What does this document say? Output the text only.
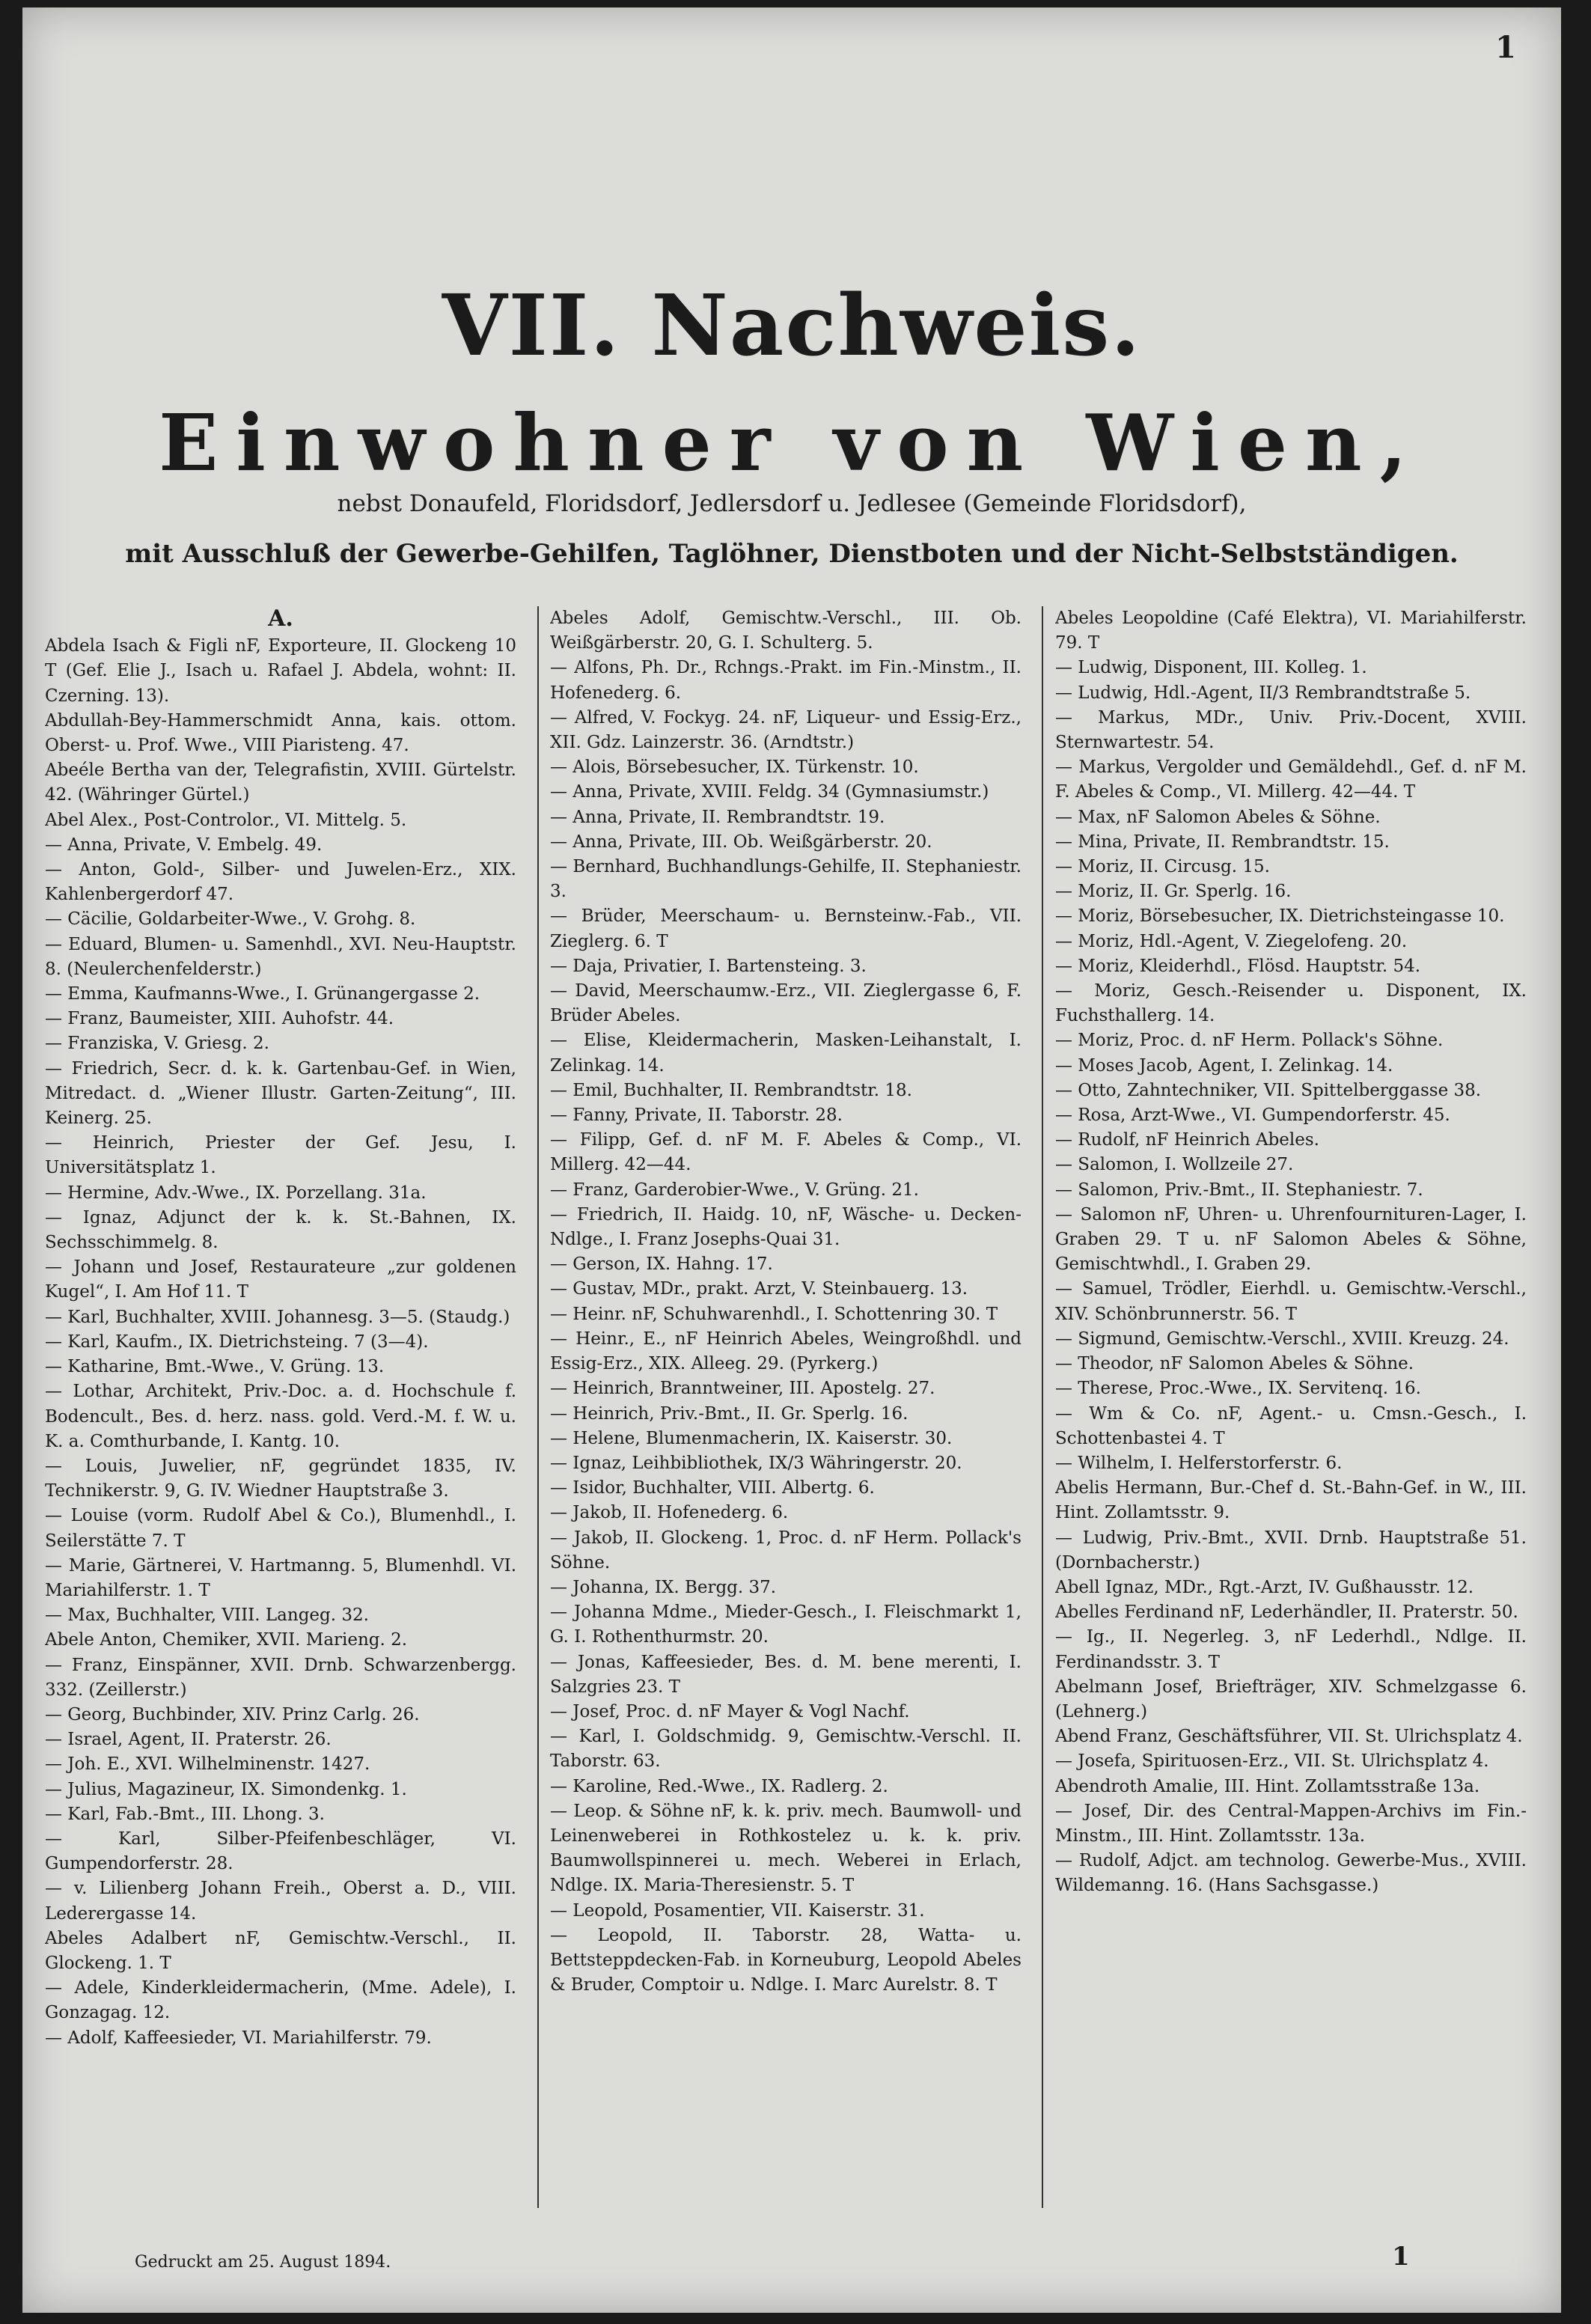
1
VII. Nachweis.
Einwohner von Wien,
nebst Donaufeld, Floridsdorf, Jedlersdorf u. Jedlesee (Gemeinde Floridsdorf),
mit Ausschluß der Gewerbe-Gehilfen, Taglöhner, Dienstboten und der Nicht-Selbstständigen.

A.

Abdela Isach & Figli nF, Exporteure, II. Glockeng 10 T (Gef. Elie J., Isach u. Rafael J. Abdela, wohnt: II. Czerning. 13).

Abdullah-Bey-Hammerschmidt Anna, kais. ottom. Oberst- u. Prof. Wwe., VIII Piaristeng. 47.

Abeéle Bertha van der, Telegrafistin, XVIII. Gürtelstr. 42. (Währinger Gürtel.)

Abel Alex., Post-Controlor., VI. Mittelg. 5.

— Anna, Private, V. Embelg. 49.

— Anton, Gold-, Silber- und Juwelen-Erz., XIX. Kahlenbergerdorf 47.

— Cäcilie, Goldarbeiter-Wwe., V. Grohg. 8.

— Eduard, Blumen- u. Samenhdl., XVI. Neu-Hauptstr. 8. (Neulerchenfelderstr.)

— Emma, Kaufmanns-Wwe., I. Grünangergasse 2.

— Franz, Baumeister, XIII. Auhofstr. 44.

— Franziska, V. Griesg. 2.

— Friedrich, Secr. d. k. k. Gartenbau-Gef. in Wien, Mitredact. d. „Wiener Illustr. Garten-Zeitung“, III. Keinerg. 25.

— Heinrich, Priester der Gef. Jesu, I. Universitätsplatz 1.

— Hermine, Adv.-Wwe., IX. Porzellang. 31a.

— Ignaz, Adjunct der k. k. St.-Bahnen, IX. Sechsschimmelg. 8.

— Johann und Josef, Restaurateure „zur goldenen Kugel“, I. Am Hof 11. T

— Karl, Buchhalter, XVIII. Johannesg. 3—5. (Staudg.)

— Karl, Kaufm., IX. Dietrichsteing. 7 (3—4).

— Katharine, Bmt.-Wwe., V. Grüng. 13.

— Lothar, Architekt, Priv.-Doc. a. d. Hochschule f. Bodencult., Bes. d. herz. nass. gold. Verd.-M. f. W. u. K. a. Comthurbande, I. Kantg. 10.

— Louis, Juwelier, nF, gegründet 1835, IV. Technikerstr. 9, G. IV. Wiedner Hauptstraße 3.

— Louise (vorm. Rudolf Abel & Co.), Blumenhdl., I. Seilerstätte 7. T

— Marie, Gärtnerei, V. Hartmanng. 5, Blumenhdl. VI. Mariahilferstr. 1. T

— Max, Buchhalter, VIII. Langeg. 32.

Abele Anton, Chemiker, XVII. Marieng. 2.

— Franz, Einspänner, XVII. Drnb. Schwarzenbergg. 332. (Zeillerstr.)

— Georg, Buchbinder, XIV. Prinz Carlg. 26.

— Israel, Agent, II. Praterstr. 26.

— Joh. E., XVI. Wilhelminenstr. 1427.

— Julius, Magazineur, IX. Simondenkg. 1.

— Karl, Fab.-Bmt., III. Lhong. 3.

— Karl, Silber-Pfeifenbeschläger, VI. Gumpendorferstr. 28.

— v. Lilienberg Johann Freih., Oberst a. D., VIII. Lederergasse 14.

Abeles Adalbert nF, Gemischtw.-Verschl., II. Glockeng. 1. T

— Adele, Kinderkleidermacherin, (Mme. Adele), I. Gonzagag. 12.

— Adolf, Kaffeesieder, VI. Mariahilferstr. 79.

Abeles Adolf, Gemischtw.-Verschl., III. Ob. Weißgärberstr. 20, G. I. Schulterg. 5.

— Alfons, Ph. Dr., Rchngs.-Prakt. im Fin.-Minstm., II. Hofenederg. 6.

— Alfred, V. Fockyg. 24. nF, Liqueur- und Essig-Erz., XII. Gdz. Lainzerstr. 36. (Arndtstr.)

— Alois, Börsebesucher, IX. Türkenstr. 10.

— Anna, Private, XVIII. Feldg. 34 (Gymnasiumstr.)

— Anna, Private, II. Rembrandtstr. 19.

— Anna, Private, III. Ob. Weißgärberstr. 20.

— Bernhard, Buchhandlungs-Gehilfe, II. Stephaniestr. 3.

— Brüder, Meerschaum- u. Bernsteinw.-Fab., VII. Zieglerg. 6. T

— Daja, Privatier, I. Bartensteing. 3.

— David, Meerschaumw.-Erz., VII. Zieglergasse 6, F. Brüder Abeles.

— Elise, Kleidermacherin, Masken-Leihanstalt, I. Zelinkag. 14.

— Emil, Buchhalter, II. Rembrandtstr. 18.

— Fanny, Private, II. Taborstr. 28.

— Filipp, Gef. d. nF M. F. Abeles & Comp., VI. Millerg. 42—44.

— Franz, Garderobier-Wwe., V. Grüng. 21.

— Friedrich, II. Haidg. 10, nF, Wäsche- u. Decken-Ndlge., I. Franz Josephs-Quai 31.

— Gerson, IX. Hahng. 17.

— Gustav, MDr., prakt. Arzt, V. Steinbauerg. 13.

— Heinr. nF, Schuhwarenhdl., I. Schottenring 30. T

— Heinr., E., nF Heinrich Abeles, Weingroßhdl. und Essig-Erz., XIX. Alleeg. 29. (Pyrkerg.)

— Heinrich, Branntweiner, III. Apostelg. 27.

— Heinrich, Priv.-Bmt., II. Gr. Sperlg. 16.

— Helene, Blumenmacherin, IX. Kaiserstr. 30.

— Ignaz, Leihbibliothek, IX/3 Währingerstr. 20.

— Isidor, Buchhalter, VIII. Albertg. 6.

— Jakob, II. Hofenederg. 6.

— Jakob, II. Glockeng. 1, Proc. d. nF Herm. Pollack's Söhne.

— Johanna, IX. Bergg. 37.

— Johanna Mdme., Mieder-Gesch., I. Fleischmarkt 1, G. I. Rothenthurmstr. 20.

— Jonas, Kaffeesieder, Bes. d. M. bene merenti, I. Salzgries 23. T

— Josef, Proc. d. nF Mayer & Vogl Nachf.

— Karl, I. Goldschmidg. 9, Gemischtw.-Verschl. II. Taborstr. 63.

— Karoline, Red.-Wwe., IX. Radlerg. 2.

— Leop. & Söhne nF, k. k. priv. mech. Baumwoll- und Leinenweberei in Rothkostelez u. k. k. priv. Baumwollspinnerei u. mech. Weberei in Erlach, Ndlge. IX. Maria-Theresienstr. 5. T

— Leopold, Posamentier, VII. Kaiserstr. 31.

— Leopold, II. Taborstr. 28, Watta- u. Bettsteppdecken-Fab. in Korneuburg, Leopold Abeles & Bruder, Comptoir u. Ndlge. I. Marc Aurelstr. 8. T

Abeles Leopoldine (Café Elektra), VI. Mariahilferstr. 79. T

— Ludwig, Disponent, III. Kolleg. 1.

— Ludwig, Hdl.-Agent, II/3 Rembrandtstraße 5.

— Markus, MDr., Univ. Priv.-Docent, XVIII. Sternwartestr. 54.

— Markus, Vergolder und Gemäldehdl., Gef. d. nF M. F. Abeles & Comp., VI. Millerg. 42—44. T

— Max, nF Salomon Abeles & Söhne.

— Mina, Private, II. Rembrandtstr. 15.

— Moriz, II. Circusg. 15.

— Moriz, II. Gr. Sperlg. 16.

— Moriz, Börsebesucher, IX. Dietrichsteingasse 10.

— Moriz, Hdl.-Agent, V. Ziegelofeng. 20.

— Moriz, Kleiderhdl., Flösd. Hauptstr. 54.

— Moriz, Gesch.-Reisender u. Disponent, IX. Fuchsthallerg. 14.

— Moriz, Proc. d. nF Herm. Pollack's Söhne.

— Moses Jacob, Agent, I. Zelinkag. 14.

— Otto, Zahntechniker, VII. Spittelberggasse 38.

— Rosa, Arzt-Wwe., VI. Gumpendorferstr. 45.

— Rudolf, nF Heinrich Abeles.

— Salomon, I. Wollzeile 27.

— Salomon, Priv.-Bmt., II. Stephaniestr. 7.

— Salomon nF, Uhren- u. Uhrenfournituren-Lager, I. Graben 29. T u. nF Salomon Abeles & Söhne, Gemischtwhdl., I. Graben 29.

— Samuel, Trödler, Eierhdl. u. Gemischtw.-Verschl., XIV. Schönbrunnerstr. 56. T

— Sigmund, Gemischtw.-Verschl., XVIII. Kreuzg. 24.

— Theodor, nF Salomon Abeles & Söhne.

— Therese, Proc.-Wwe., IX. Servitenq. 16.

— Wm & Co. nF, Agent.- u. Cmsn.-Gesch., I. Schottenbastei 4. T

— Wilhelm, I. Helferstorferstr. 6.

Abelis Hermann, Bur.-Chef d. St.-Bahn-Gef. in W., III. Hint. Zollamtsstr. 9.

— Ludwig, Priv.-Bmt., XVII. Drnb. Hauptstraße 51. (Dornbacherstr.)

Abell Ignaz, MDr., Rgt.-Arzt, IV. Gußhausstr. 12.

Abelles Ferdinand nF, Lederhändler, II. Praterstr. 50.

— Ig., II. Negerleg. 3, nF Lederhdl., Ndlge. II. Ferdinandsstr. 3. T

Abelmann Josef, Briefträger, XIV. Schmelzgasse 6. (Lehnerg.)

Abend Franz, Geschäftsführer, VII. St. Ulrichsplatz 4.

— Josefa, Spirituosen-Erz., VII. St. Ulrichsplatz 4.

Abendroth Amalie, III. Hint. Zollamtsstraße 13a.

— Josef, Dir. des Central-Mappen-Archivs im Fin.-Minstm., III. Hint. Zollamtsstr. 13a.

— Rudolf, Adjct. am technolog. Gewerbe-Mus., XVIII. Wildemanng. 16. (Hans Sachsgasse.)

Gedruckt am 25. August 1894.	1
